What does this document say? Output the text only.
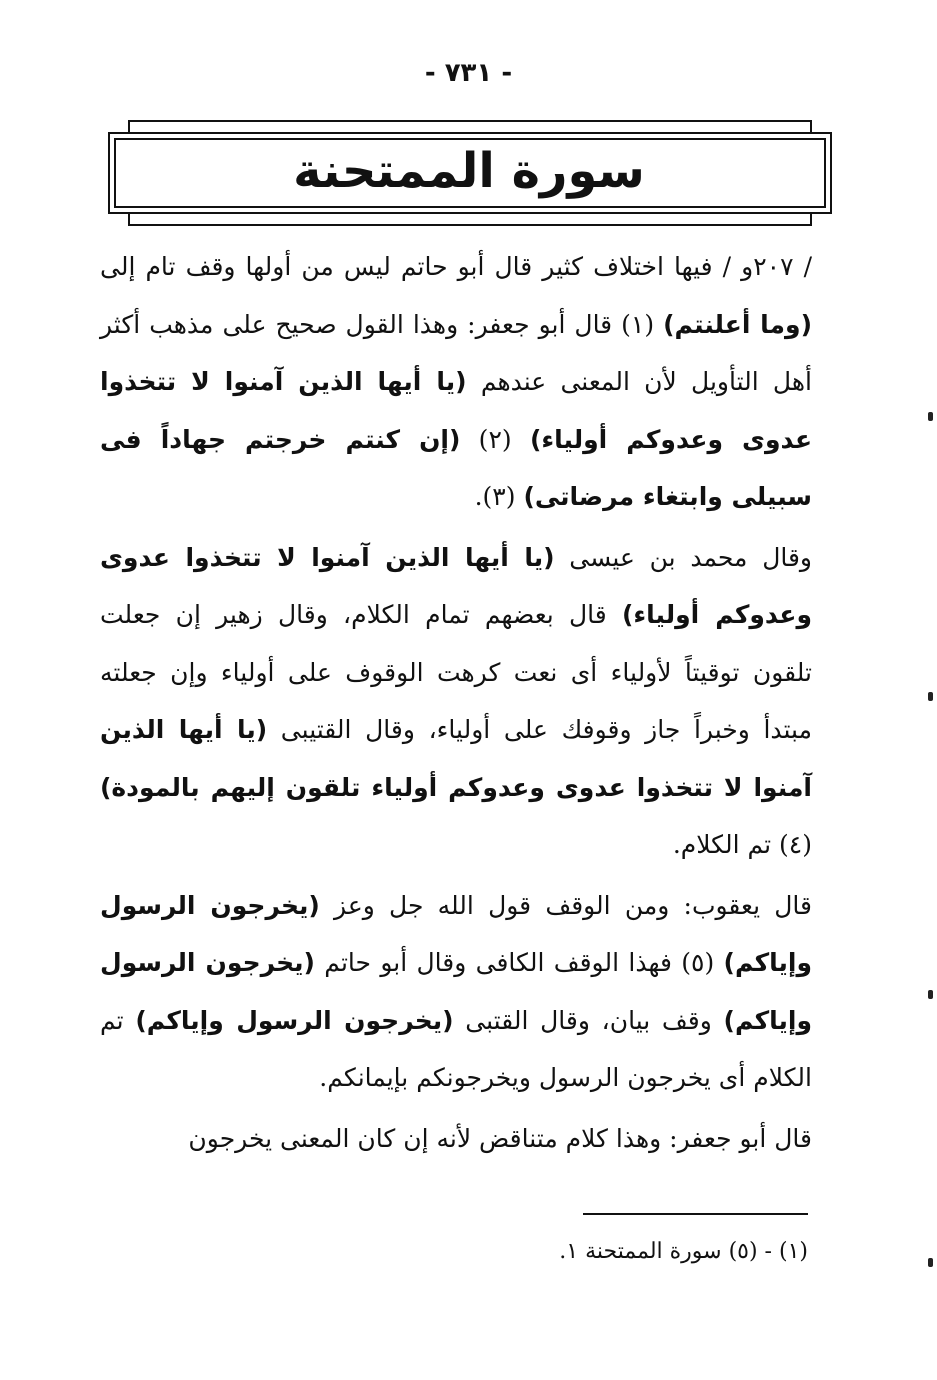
- ٧٣١ -
سورة الممتحنة

/ ٢٠٧و / فيها اختلاف كثير قال أبو حاتم ليس من أولها وقف تام إلى (وما أعلنتم) (١) قال أبو جعفر: وهذا القول صحيح على مذهب أكثر أهل التأويل لأن المعنى عندهم (يا أيها الذين آمنوا لا تتخذوا عدوى وعدوكم أولياء) (٢) (إن كنتم خرجتم جهاداً فى سبيلى وابتغاء مرضاتى) (٣).

وقال محمد بن عيسى (يا أيها الذين آمنوا لا تتخذوا عدوى وعدوكم أولياء) قال بعضهم تمام الكلام، وقال زهير إن جعلت تلقون توقيتاً لأولياء أى نعت كرهت الوقوف على أولياء وإن جعلته مبتدأ وخبراً جاز وقوفك على أولياء، وقال القتيبى (يا أيها الذين آمنوا لا تتخذوا عدوى وعدوكم أولياء تلقون إليهم بالمودة) (٤) تم الكلام.

قال يعقوب: ومن الوقف قول الله جل وعز (يخرجون الرسول وإياكم) (٥) فهذا الوقف الكافى وقال أبو حاتم (يخرجون الرسول وإياكم) وقف بيان، وقال القتبى (يخرجون الرسول وإياكم) تم الكلام أى يخرجون الرسول ويخرجونكم بإيمانكم.

قال أبو جعفر: وهذا كلام متناقض لأنه إن كان المعنى يخرجون

(١) - (٥) سورة الممتحنة ١.
